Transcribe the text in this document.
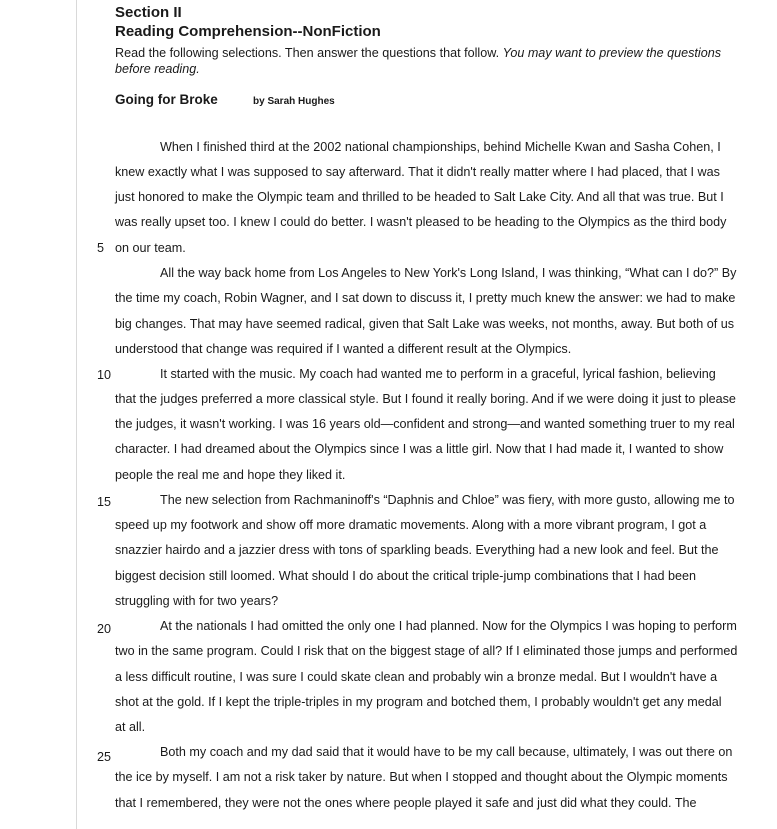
Section II

Reading Comprehension--NonFiction

Read the following selections. Then answer the questions that follow. You may want to preview the questions before reading.

Going for Broke	by Sarah Hughes
5
10
15
20
25
When I finished third at the 2002 national championships, behind Michelle Kwan and Sasha Cohen, I
knew exactly what I was supposed to say afterward. That it didn't really matter where I had placed, that I was
just honored to make the Olympic team and thrilled to be headed to Salt Lake City. And all that was true. But I
was really upset too. I knew I could do better. I wasn't pleased to be heading to the Olympics as the third body
on our team.
All the way back home from Los Angeles to New York's Long Island, I was thinking, “What can I do?” By
the time my coach, Robin Wagner, and I sat down to discuss it, I pretty much knew the answer: we had to make
big changes. That may have seemed radical, given that Salt Lake was weeks, not months, away. But both of us
understood that change was required if I wanted a different result at the Olympics.
It started with the music. My coach had wanted me to perform in a graceful, lyrical fashion, believing
that the judges preferred a more classical style. But I found it really boring. And if we were doing it just to please
the judges, it wasn't working. I was 16 years old—confident and strong—and wanted something truer to my real
character. I had dreamed about the Olympics since I was a little girl. Now that I had made it, I wanted to show
people the real me and hope they liked it.
The new selection from Rachmaninoff's “Daphnis and Chloe” was fiery, with more gusto, allowing me to
speed up my footwork and show off more dramatic movements. Along with a more vibrant program, I got a
snazzier hairdo and a jazzier dress with tons of sparkling beads. Everything had a new look and feel. But the
biggest decision still loomed. What should I do about the critical triple-jump combinations that I had been
struggling with for two years?
At the nationals I had omitted the only one I had planned. Now for the Olympics I was hoping to perform
two in the same program. Could I risk that on the biggest stage of all? If I eliminated those jumps and performed
a less difficult routine, I was sure I could skate clean and probably win a bronze medal. But I wouldn't have a
shot at the gold. If I kept the triple-triples in my program and botched them, I probably wouldn't get any medal
at all.
Both my coach and my dad said that it would have to be my call because, ultimately, I was out there on
the ice by myself. I am not a risk taker by nature. But when I stopped and thought about the Olympic moments
that I remembered, they were not the ones where people played it safe and just did what they could. The
